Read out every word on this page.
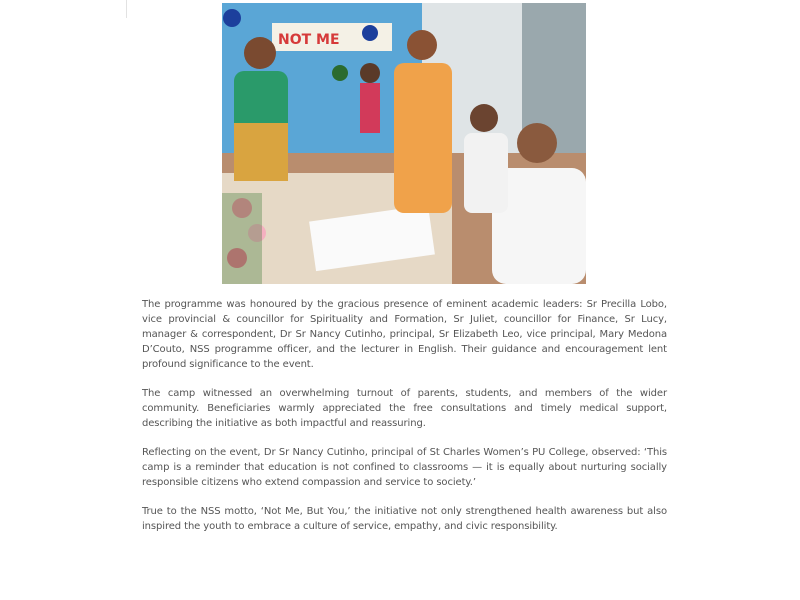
NOT ME

The programme was honoured by the gracious presence of eminent academic leaders: Sr Precilla Lobo, vice provincial & councillor for Spirituality and Formation, Sr Juliet, councillor for Finance, Sr Lucy, manager & correspondent, Dr Sr Nancy Cutinho, principal, Sr Elizabeth Leo, vice principal, Mary Medona D’Couto, NSS programme officer, and the lecturer in English. Their guidance and encouragement lent profound significance to the event.

The camp witnessed an overwhelming turnout of parents, students, and members of the wider community. Beneficiaries warmly appreciated the free consultations and timely medical support, describing the initiative as both impactful and reassuring.

Reflecting on the event, Dr Sr Nancy Cutinho, principal of St Charles Women’s PU College, observed: ‘This camp is a reminder that education is not confined to classrooms — it is equally about nurturing socially responsible citizens who extend compassion and service to society.’

True to the NSS motto, ‘Not Me, But You,’ the initiative not only strengthened health awareness but also inspired the youth to embrace a culture of service, empathy, and civic responsibility.
